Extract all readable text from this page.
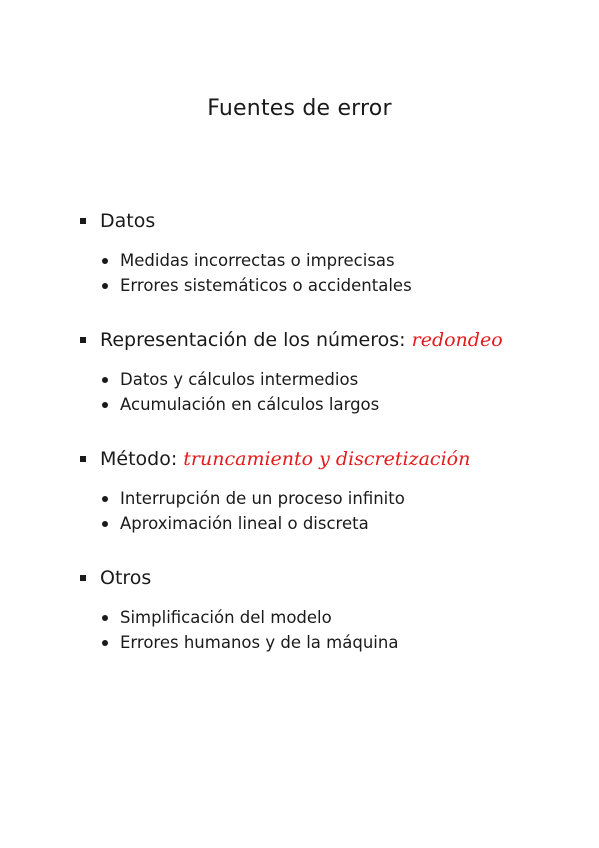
Fuentes de error
Datos
Medidas incorrectas o imprecisas
Errores sistemáticos o accidentales
Representación de los números: redondeo
Datos y cálculos intermedios
Acumulación en cálculos largos
Método: truncamiento y discretización
Interrupción de un proceso infinito
Aproximación lineal o discreta
Otros
Simplificación del modelo
Errores humanos y de la máquina
